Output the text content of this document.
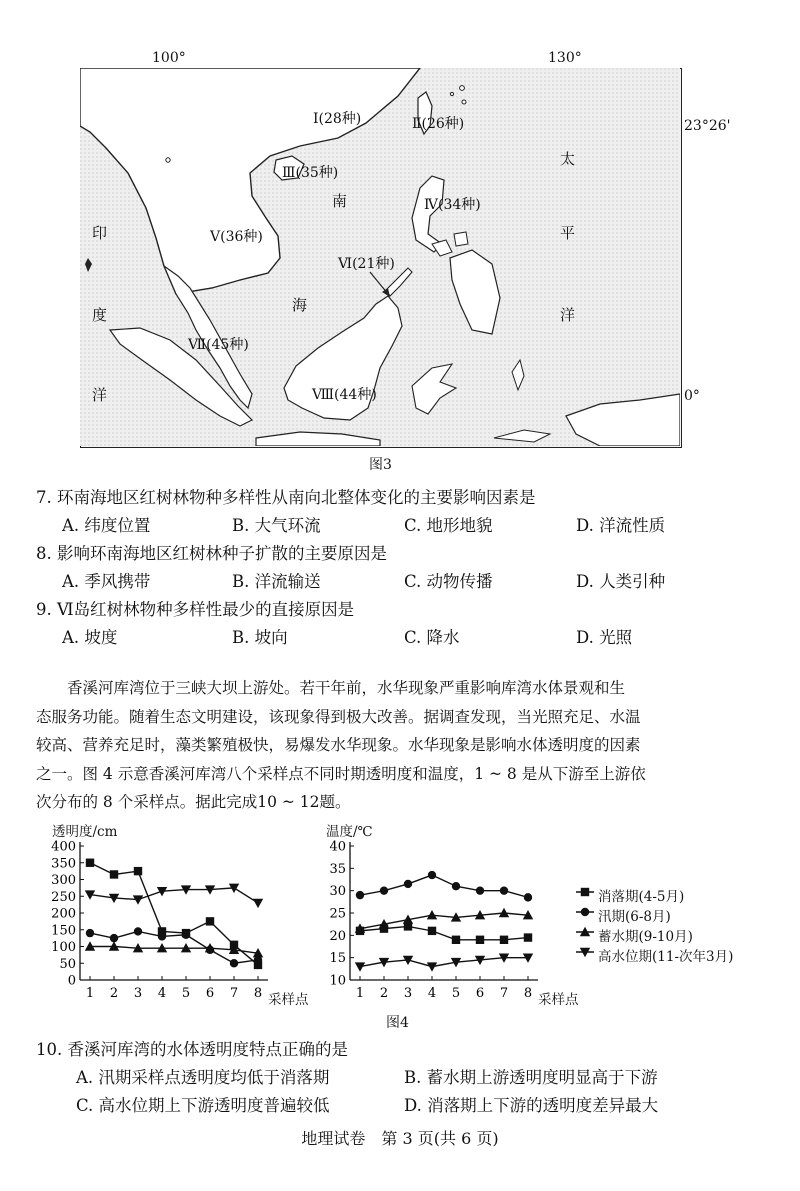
100°	130°
23°26'
0°
Ⅰ(28种)	Ⅱ(26种)
Ⅲ(35种)
Ⅳ(34种)
Ⅴ(36种)
Ⅵ(21种)
Ⅶ(45种)
Ⅷ(44种)
南
海
印
度
洋
太
平
洋
图3
7. 环南海地区红树林物种多样性从南向北整体变化的主要影响因素是
A. 纬度位置	B. 大气环流	C. 地形地貌	D. 洋流性质
8. 影响环南海地区红树林种子扩散的主要原因是
A. 季风携带	B. 洋流输送	C. 动物传播	D. 人类引种
9. Ⅵ岛红树林物种多样性最少的直接原因是
A. 坡度	B. 坡向	C. 降水	D. 光照
香溪河库湾位于三峡大坝上游处。若干年前，水华现象严重影响库湾水体景观和生
态服务功能。随着生态文明建设，该现象得到极大改善。据调查发现，当光照充足、水温
较高、营养充足时，藻类繁殖极快，易爆发水华现象。水华现象是影响水体透明度的因素
之一。图 4 示意香溪河库湾八个采样点不同时期透明度和温度，1 ~ 8 是从下游至上游依
次分布的 8 个采样点。据此完成10 ~ 12题。
透明度/cm	温度/℃
采样点	采样点
0
50
100
150
200
250
300
350
400
1 2 3 4 5 6 7 8
10
15
20
25
30
35
40
1 2 3 4 5 6 7 8
消落期(4-5月)
汛期(6-8月)
蓄水期(9-10月)
高水位期(11-次年3月)
图4
10. 香溪河库湾的水体透明度特点正确的是
A. 汛期采样点透明度均低于消落期	B. 蓄水期上游透明度明显高于下游
C. 高水位期上下游透明度普遍较低	D. 消落期上下游的透明度差异最大
地理试卷　第 3 页(共 6 页)
